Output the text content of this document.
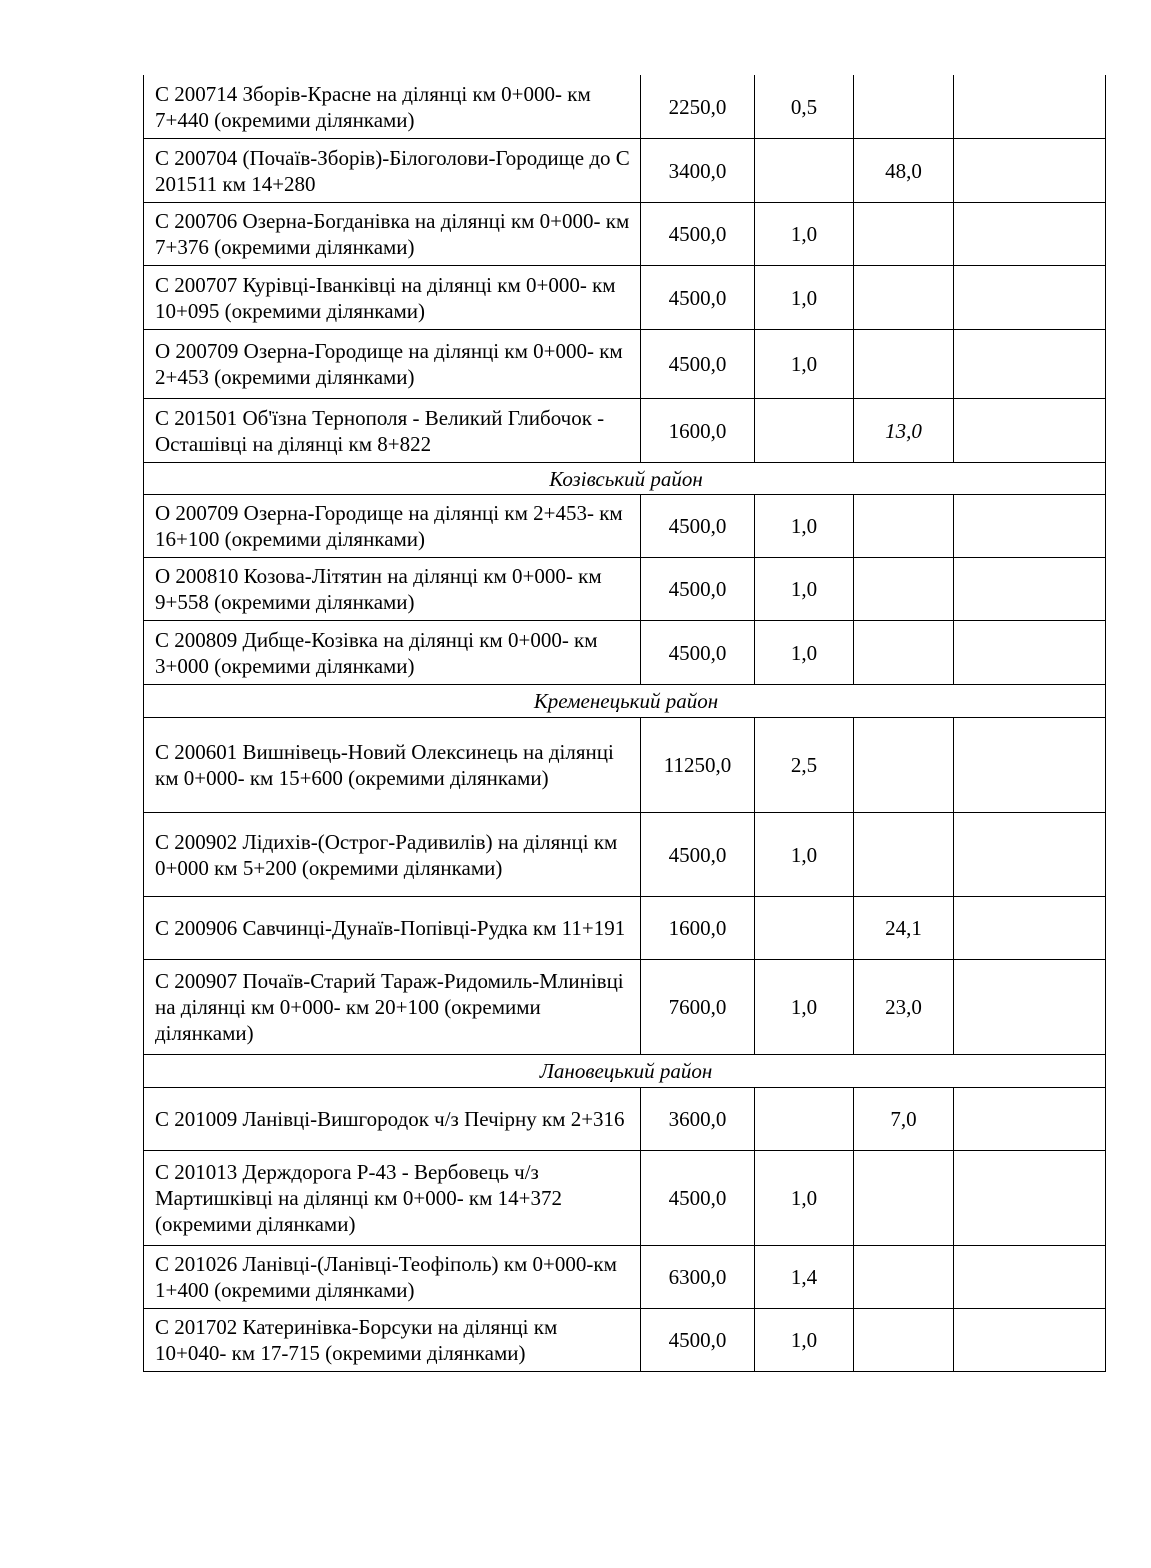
С 200714 Зборів-Красне на ділянці км 0+000- км 7+440 (окремими ділянками)	2250,0	0,5		
С 200704 (Почаїв-Зборів)-Білоголови-Городище до С 201511 км 14+280	3400,0		48,0	
С 200706 Озерна-Богданівка на ділянці км 0+000- км 7+376 (окремими ділянками)	4500,0	1,0		
С 200707 Курівці-Іванківці на ділянці км 0+000- км 10+095 (окремими ділянками)	4500,0	1,0		
О 200709 Озерна-Городище на ділянці км 0+000- км 2+453 (окремими ділянками)	4500,0	1,0		
С 201501 Об'їзна Тернополя - Великий Глибочок - Осташівці на ділянці км 8+822	1600,0		13,0	
Козівський район				
О 200709 Озерна-Городище на ділянці км 2+453- км 16+100 (окремими ділянками)	4500,0	1,0		
О 200810 Козова-Літятин на ділянці км 0+000- км 9+558 (окремими ділянками)	4500,0	1,0		
С 200809 Дибще-Козівка на ділянці км 0+000- км 3+000 (окремими ділянками)	4500,0	1,0		
Кременецький район				
С 200601 Вишнівець-Новий Олексинець на ділянці км 0+000- км 15+600 (окремими ділянками)	11250,0	2,5		
С 200902 Лідихів-(Острог-Радивилів) на ділянці км 0+000 км 5+200 (окремими ділянками)	4500,0	1,0		
С 200906 Савчинці-Дунаїв-Попівці-Рудка км 11+191	1600,0		24,1	
С 200907 Почаїв-Старий Тараж-Ридомиль-Млинівці на ділянці км 0+000- км 20+100 (окремими ділянками)	7600,0	1,0	23,0	
Лановецький район				
С 201009 Ланівці-Вишгородок ч/з Печірну км 2+316	3600,0		7,0	
С 201013 Держдорога Р-43 - Вербовець ч/з Мартишківці на ділянці км 0+000- км 14+372 (окремими ділянками)	4500,0	1,0		
С 201026 Ланівці-(Ланівці-Теофіполь) км 0+000-км 1+400 (окремими ділянками)	6300,0	1,4		
С 201702 Катеринівка-Борсуки на ділянці км 10+040- км 17-715 (окремими ділянками)	4500,0	1,0		
